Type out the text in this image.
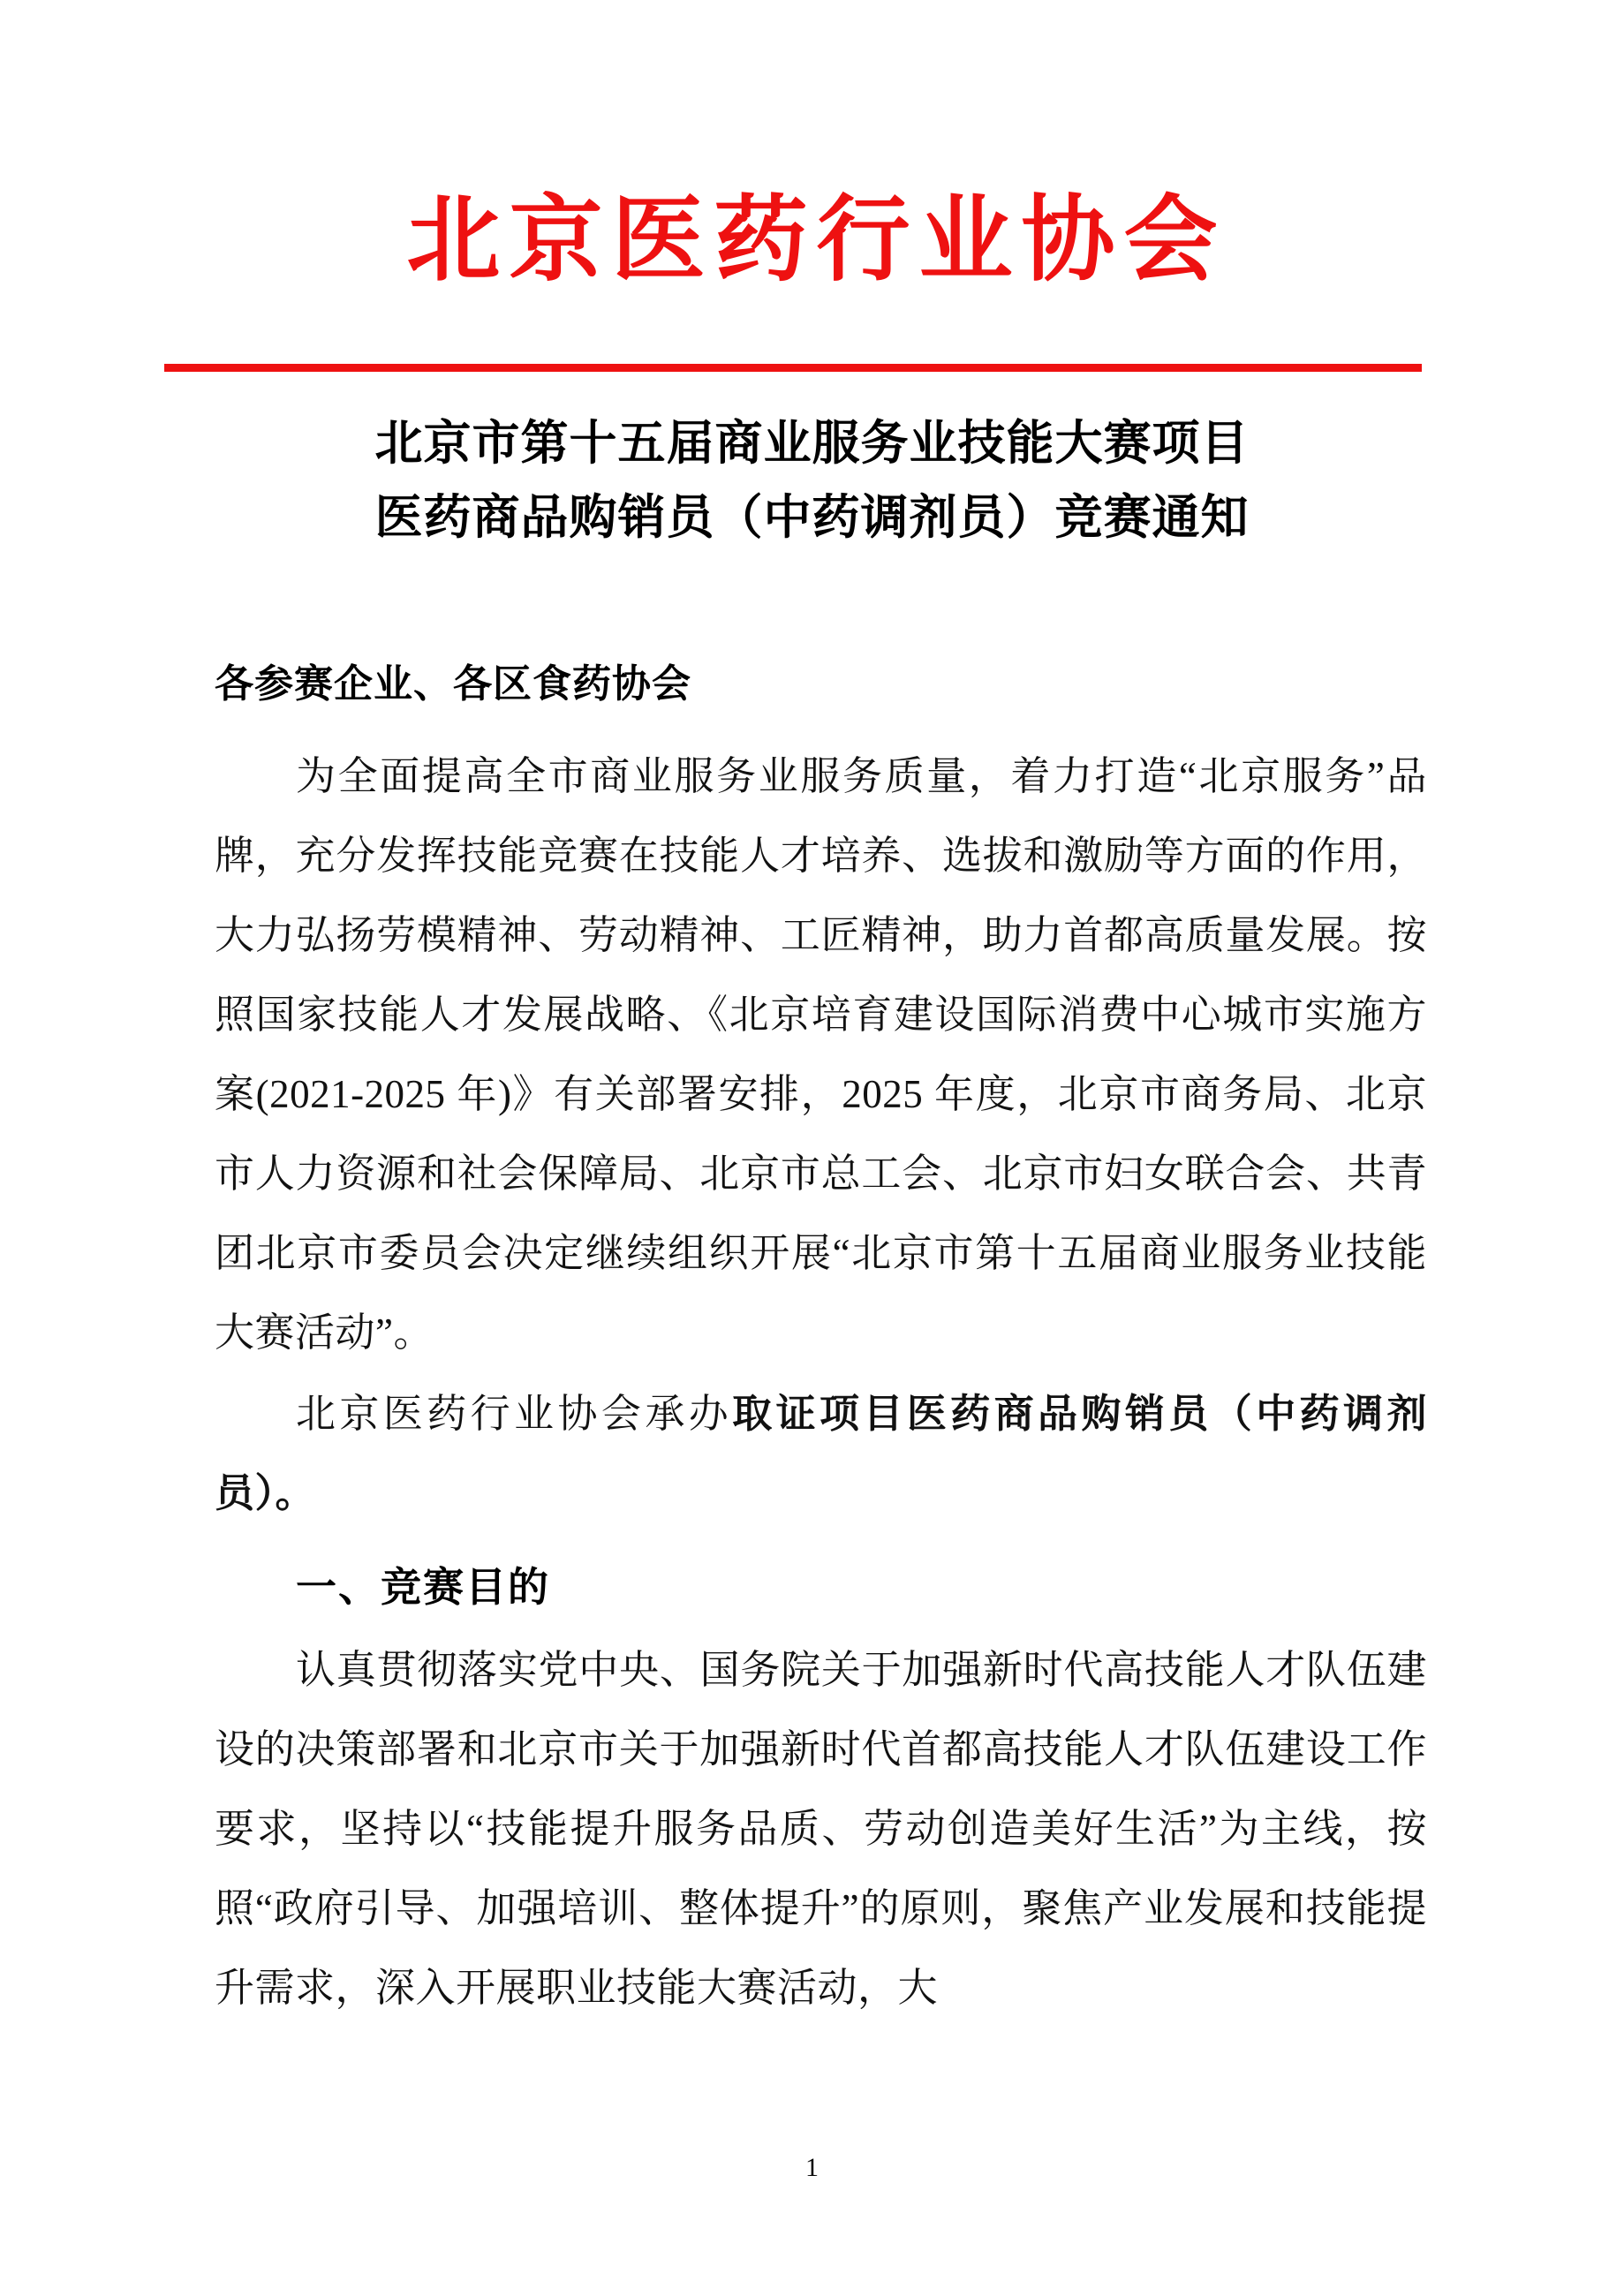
北京医药行业协会
北京市第十五届商业服务业技能大赛项目
医药商品购销员（中药调剂员）竞赛通知
各参赛企业、各区食药协会

为全面提高全市商业服务业服务质量，着力打造“北京服务”品牌，充分发挥技能竞赛在技能人才培养、选拔和激励等方面的作用，大力弘扬劳模精神、劳动精神、工匠精神，助力首都高质量发展。按照国家技能人才发展战略、《北京培育建设国际消费中心城市实施方案(2021-2025 年)》有关部署安排，2025 年度，北京市商务局、北京市人力资源和社会保障局、北京市总工会、北京市妇女联合会、共青团北京市委员会决定继续组织开展“北京市第十五届商业服务业技能大赛活动”。

北京医药行业协会承办取证项目医药商品购销员（中药调剂员）。

一、竞赛目的

认真贯彻落实党中央、国务院关于加强新时代高技能人才队伍建设的决策部署和北京市关于加强新时代首都高技能人才队伍建设工作要求，坚持以“技能提升服务品质、劳动创造美好生活”为主线，按照“政府引导、加强培训、整体提升”的原则，聚焦产业发展和技能提升需求，深入开展职业技能大赛活动，大

1
